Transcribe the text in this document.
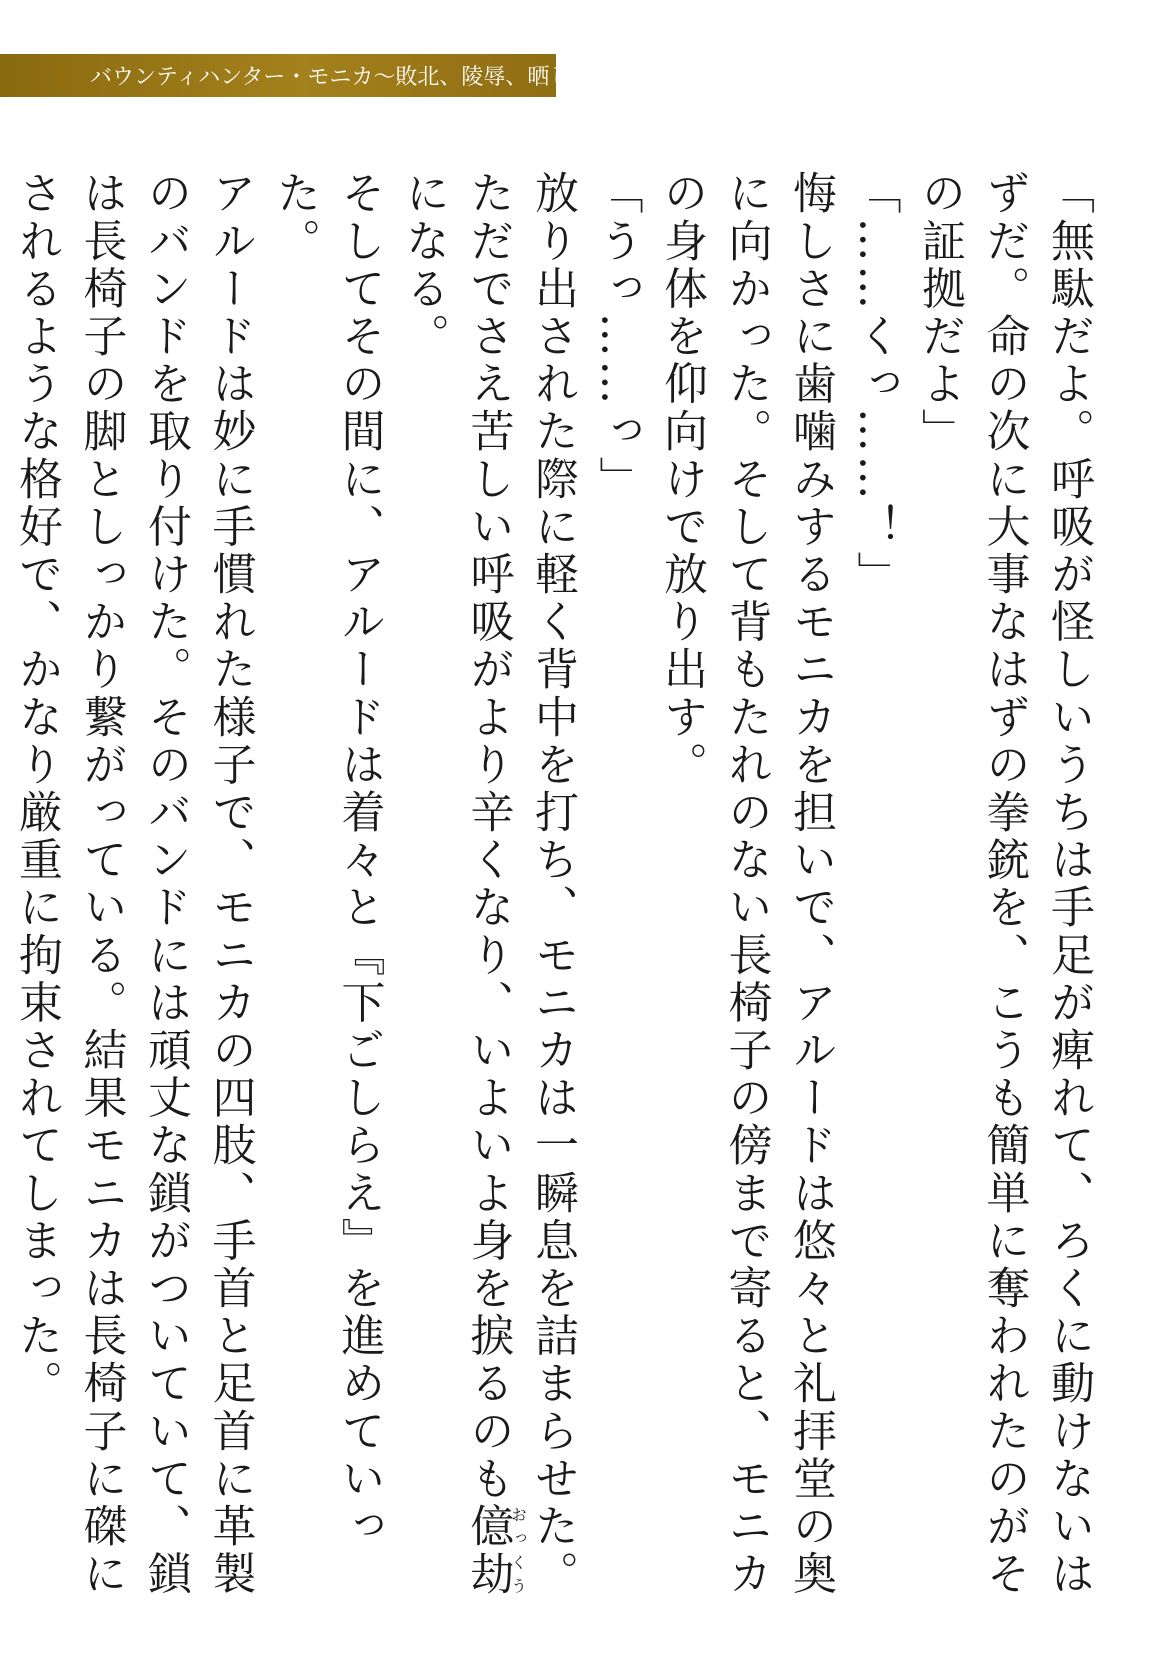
バウンティハンター・モニカ〜敗北、陵辱、晒し者〜

「無駄だよ。呼吸が怪しいうちは手足が痺れて、ろくに動けないはずだ。命の次に大事なはずの拳銃を、こうも簡単に奪われたのがその証拠だよ」

「……くっ……！」

悔しさに歯噛みするモニカを担いで、アルードは悠々と礼拝堂の奥に向かった。そして背もたれのない長椅子の傍まで寄ると、モニカの身体を仰向けで放り出す。

「うっ……っ」

放り出された際に軽く背中を打ち、モニカは一瞬息を詰まらせた。ただでさえ苦しい呼吸がより辛くなり、いよいよ身を捩るのも億劫おっくうになる。

そしてその間に、アルードは着々と『下ごしらえ』を進めていった。

アルードは妙に手慣れた様子で、モニカの四肢、手首と足首に革製のバンドを取り付けた。そのバンドには頑丈な鎖がついていて、鎖は長椅子の脚としっかり繋がっている。結果モニカは長椅子に磔にされるような格好で、かなり厳重に拘束されてしまった。
